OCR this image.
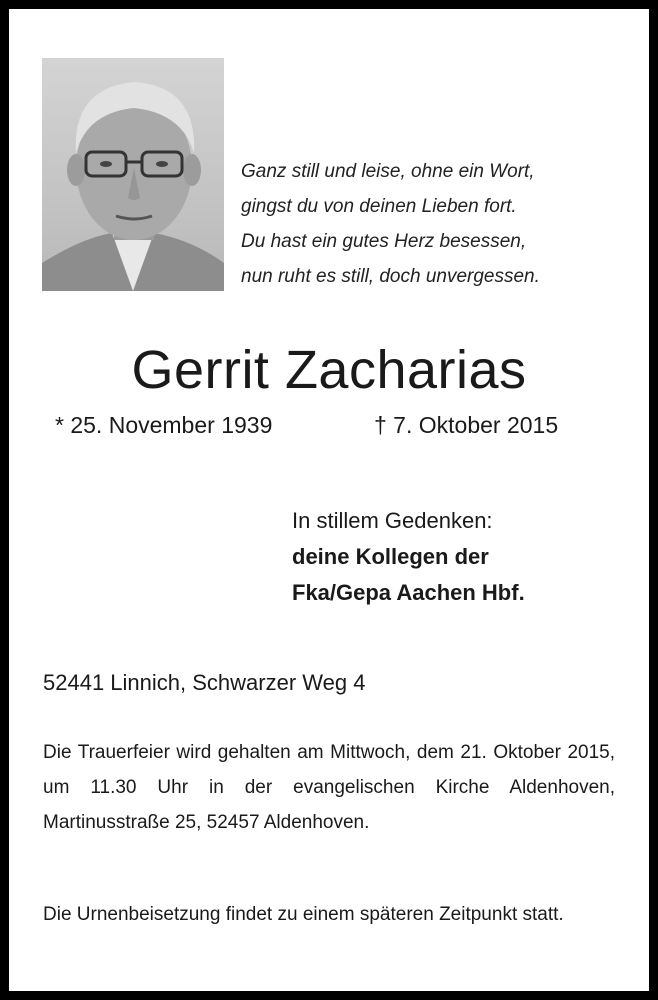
Ganz still und leise, ohne ein Wort,
gingst du von deinen Lieben fort.
Du hast ein gutes Herz besessen,
nun ruht es still, doch unvergessen.
Gerrit Zacharias
* 25. November 1939	† 7. Oktober 2015
In stillem Gedenken:
deine Kollegen der
Fka/Gepa Aachen Hbf.
52441 Linnich, Schwarzer Weg 4
Die Trauerfeier wird gehalten am Mittwoch, dem 21. Oktober 2015, um 11.30 Uhr in der evangelischen Kirche Aldenhoven, Martinusstraße 25, 52457 Aldenhoven.
Die Urnenbeisetzung findet zu einem späteren Zeitpunkt statt.
